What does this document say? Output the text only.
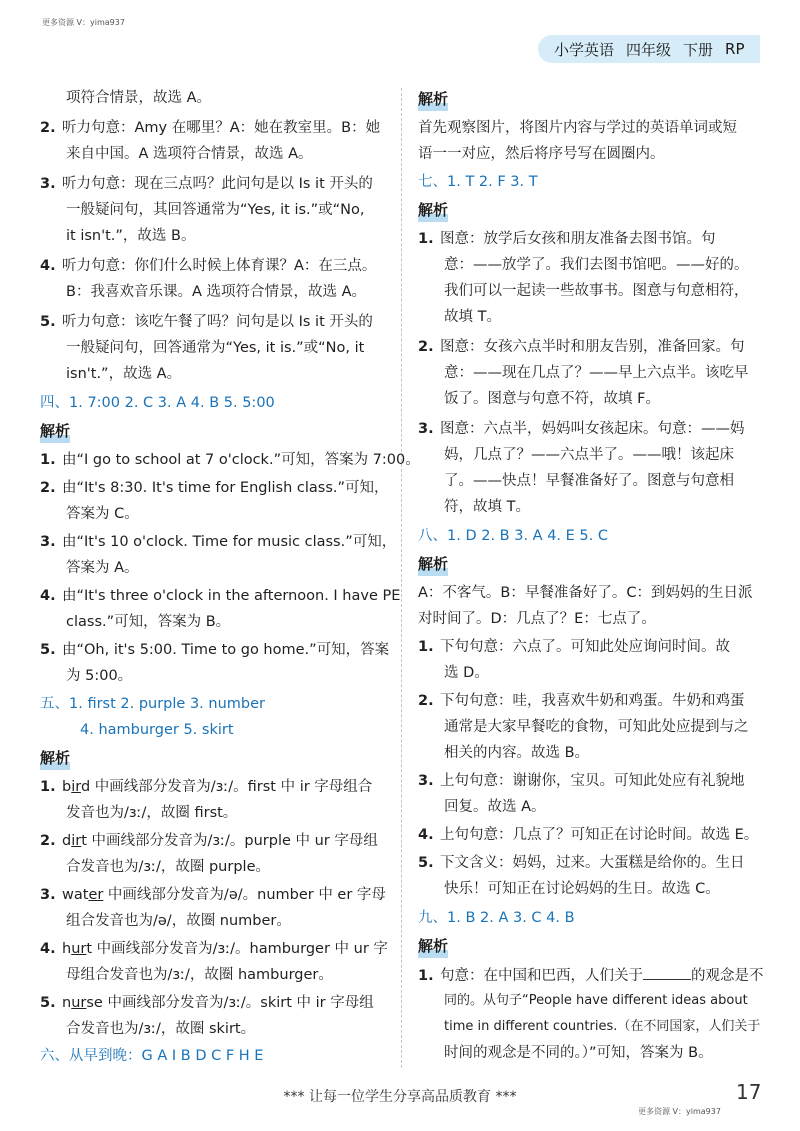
更多资源 V：yima937
小学英语 四年级 下册 RP
项符合情景，故选 A。
2. 听力句意：Amy 在哪里？A：她在教室里。B：她
来自中国。A 选项符合情景，故选 A。
3. 听力句意：现在三点吗？此问句是以 Is it 开头的
一般疑问句，其回答通常为“Yes, it is.”或“No,
it isn't.”，故选 B。
4. 听力句意：你们什么时候上体育课？A：在三点。
B：我喜欢音乐课。A 选项符合情景，故选 A。
5. 听力句意：该吃午餐了吗？问句是以 Is it 开头的
一般疑问句，回答通常为“Yes, it is.”或“No, it
isn't.”，故选 A。
四、1. 7:00 2. C 3. A 4. B 5. 5:00
解析
1. 由“I go to school at 7 o'clock.”可知，答案为 7:00。
2. 由“It's 8:30. It's time for English class.”可知，
答案为 C。
3. 由“It's 10 o'clock. Time for music class.”可知，
答案为 A。
4. 由“It's three o'clock in the afternoon. I have PE
class.”可知，答案为 B。
5. 由“Oh, it's 5:00. Time to go home.”可知，答案
为 5:00。
五、1. first 2. purple 3. number
4. hamburger 5. skirt
解析
1. bird 中画线部分发音为/ɜː/。first 中 ir 字母组合
发音也为/ɜː/，故圈 first。
2. dirt 中画线部分发音为/ɜː/。purple 中 ur 字母组
合发音也为/ɜː/，故圈 purple。
3. water 中画线部分发音为/ə/。number 中 er 字母
组合发音也为/ə/，故圈 number。
4. hurt 中画线部分发音为/ɜː/。hamburger 中 ur 字
母组合发音也为/ɜː/，故圈 hamburger。
5. nurse 中画线部分发音为/ɜː/。skirt 中 ir 字母组
合发音也为/ɜː/，故圈 skirt。
六、从早到晚：G A I B D C F H E
解析
首先观察图片，将图片内容与学过的英语单词或短
语一一对应，然后将序号写在圆圈内。
七、1. T 2. F 3. T
解析
1. 图意：放学后女孩和朋友准备去图书馆。句
意：——放学了。我们去图书馆吧。——好的。
我们可以一起读一些故事书。图意与句意相符，
故填 T。
2. 图意：女孩六点半时和朋友告别，准备回家。句
意：——现在几点了？——早上六点半。该吃早
饭了。图意与句意不符，故填 F。
3. 图意：六点半，妈妈叫女孩起床。句意：——妈
妈，几点了？——六点半了。——哦！该起床
了。——快点！早餐准备好了。图意与句意相
符，故填 T。
八、1. D 2. B 3. A 4. E 5. C
解析
A：不客气。B：早餐准备好了。C：到妈妈的生日派
对时间了。D：几点了？E：七点了。
1. 下句句意：六点了。可知此处应询问时间。故
选 D。
2. 下句句意：哇，我喜欢牛奶和鸡蛋。牛奶和鸡蛋
通常是大家早餐吃的食物，可知此处应提到与之
相关的内容。故选 B。
3. 上句句意：谢谢你，宝贝。可知此处应有礼貌地
回复。故选 A。
4. 上句句意：几点了？可知正在讨论时间。故选 E。
5. 下文含义：妈妈，过来。大蛋糕是给你的。生日
快乐！可知正在讨论妈妈的生日。故选 C。
九、1. B 2. A 3. C 4. B
解析
1. 句意：在中国和巴西，人们关于	的观念是不
同的。从句子“People have different ideas about
time in different countries.（在不同国家，人们关于
时间的观念是不同的。）”可知，答案为 B。
*** 让每一位学生分享高品质教育 ***	17
更多资源 V：yima937
